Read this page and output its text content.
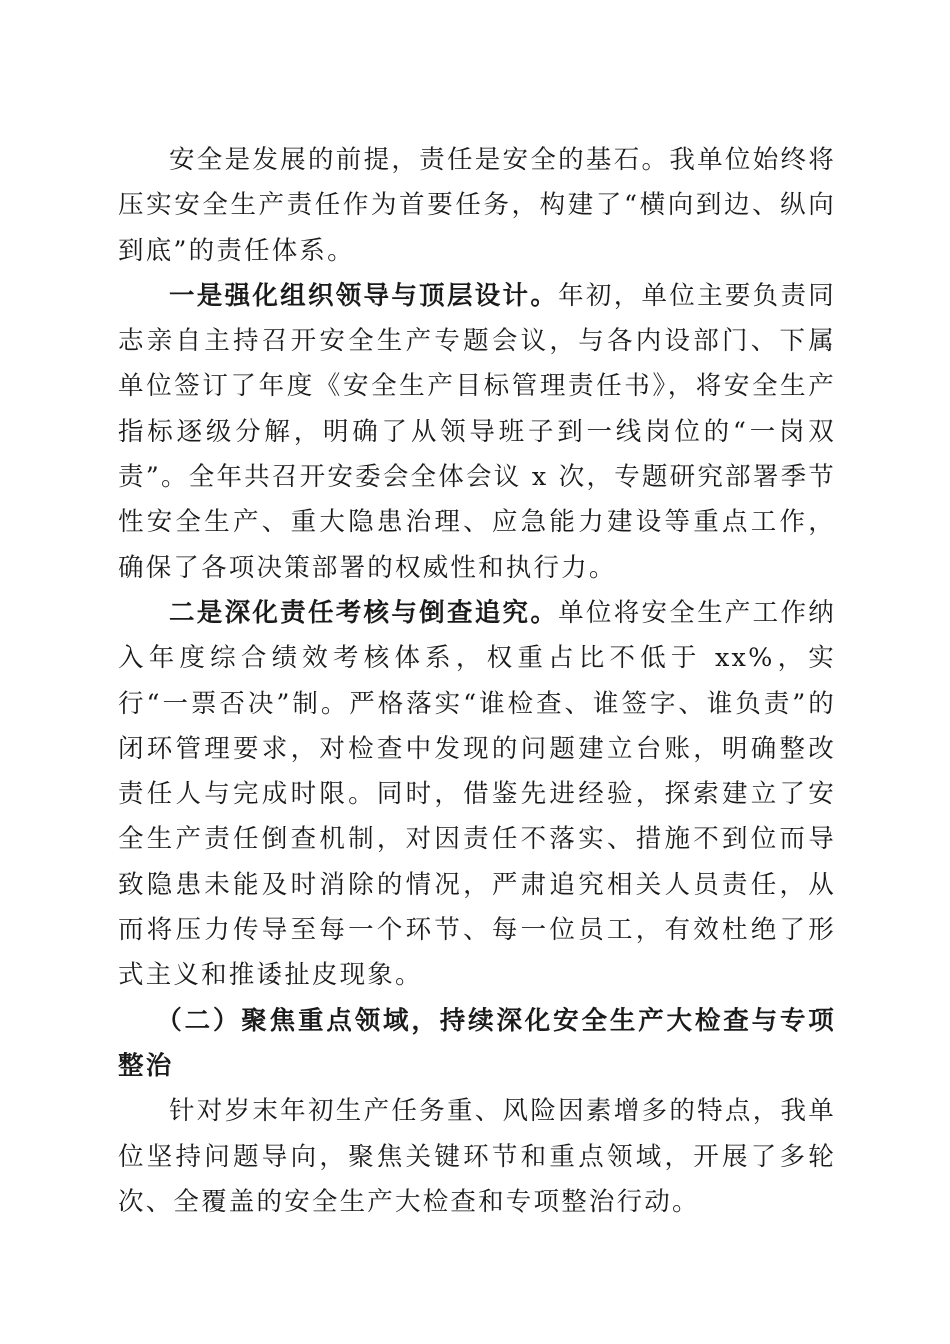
安全是发展的前提，责任是安全的基石。我单位始终将压实安全生产责任作为首要任务，构建了“横向到边、纵向到底”的责任体系。

一是强化组织领导与顶层设计。年初，单位主要负责同志亲自主持召开安全生产专题会议，与各内设部门、下属单位签订了年度《安全生产目标管理责任书》，将安全生产指标逐级分解，明确了从领导班子到一线岗位的“一岗双责”。全年共召开安委会全体会议 x 次，专题研究部署季节性安全生产、重大隐患治理、应急能力建设等重点工作，确保了各项决策部署的权威性和执行力。

二是深化责任考核与倒查追究。单位将安全生产工作纳入年度综合绩效考核体系，权重占比不低于 xx%，实行“一票否决”制。严格落实“谁检查、谁签字、谁负责”的闭环管理要求，对检查中发现的问题建立台账，明确整改责任人与完成时限。同时，借鉴先进经验，探索建立了安全生产责任倒查机制，对因责任不落实、措施不到位而导致隐患未能及时消除的情况，严肃追究相关人员责任，从而将压力传导至每一个环节、每一位员工，有效杜绝了形式主义和推诿扯皮现象。

（二）聚焦重点领域，持续深化安全生产大检查与专项整治

针对岁末年初生产任务重、风险因素增多的特点，我单位坚持问题导向，聚焦关键环节和重点领域，开展了多轮次、全覆盖的安全生产大检查和专项整治行动。
